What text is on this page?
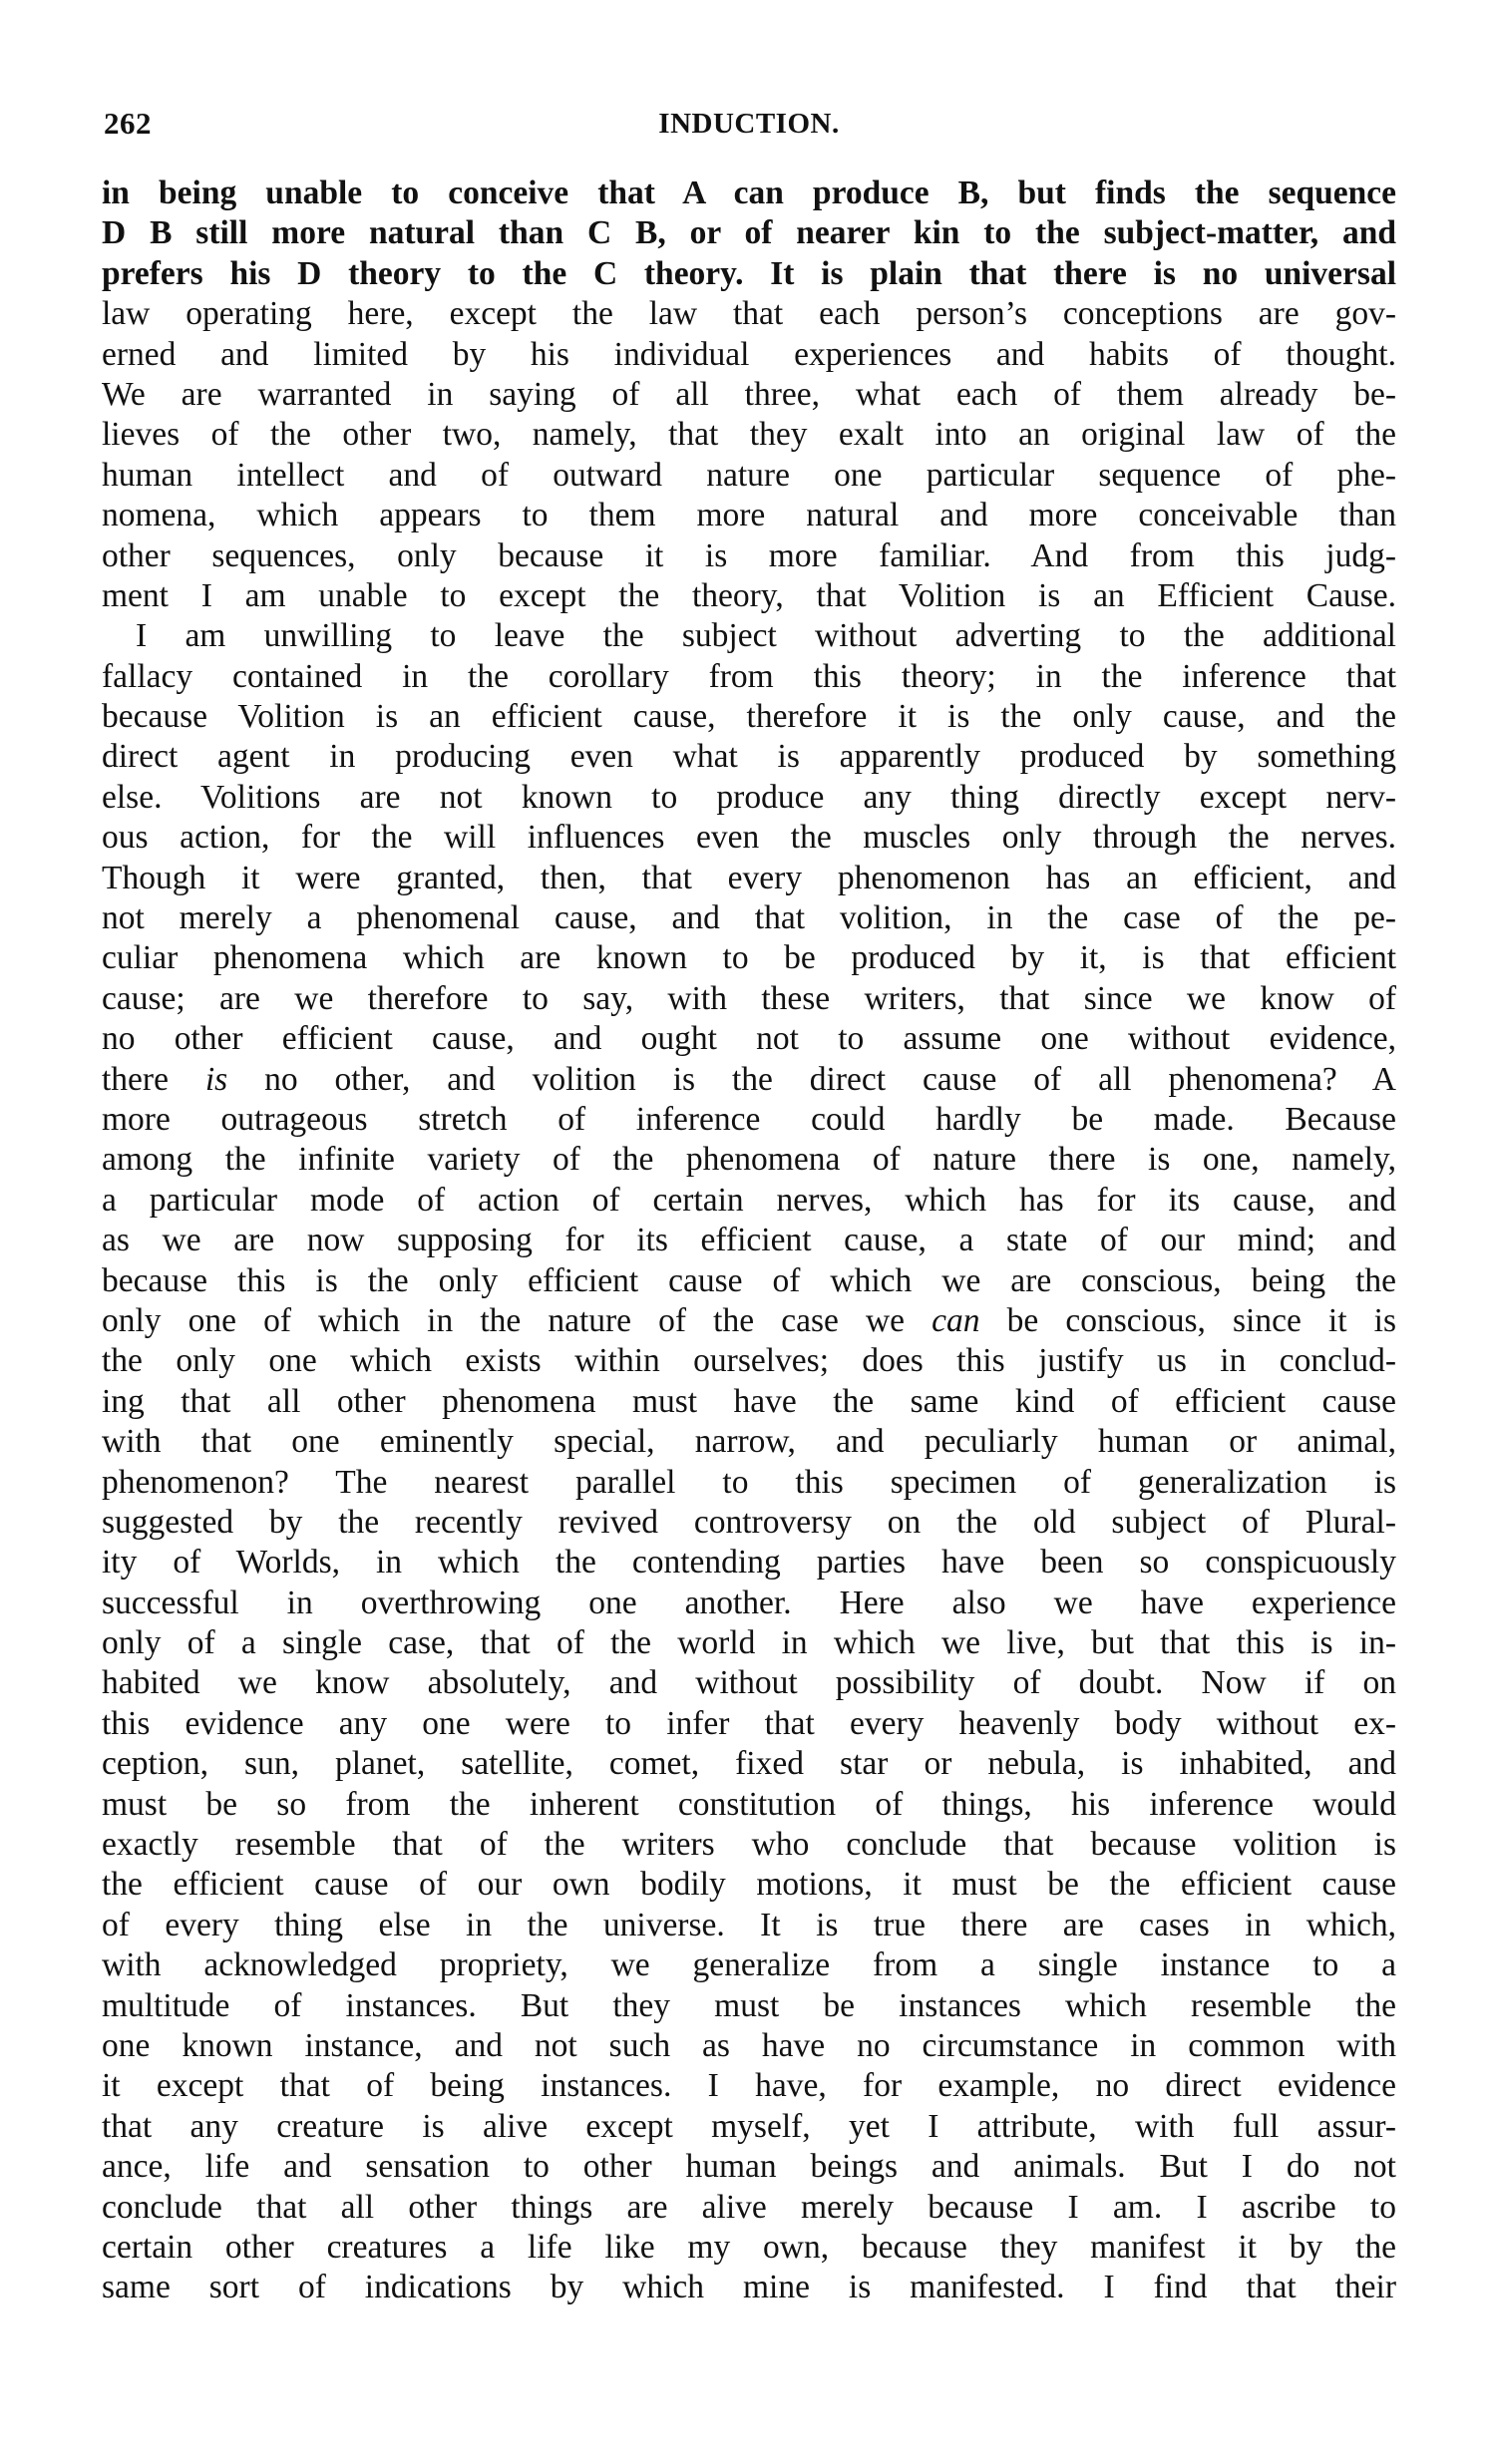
262	INDUCTION.
in being unable to conceive that A can produce B, but finds the sequence
D B still more natural than C B, or of nearer kin to the subject-matter, and
prefers his D theory to the C theory. It is plain that there is no universal
law operating here, except the law that each person’s conceptions are gov-
erned and limited by his individual experiences and habits of thought.
We are warranted in saying of all three, what each of them already be-
lieves of the other two, namely, that they exalt into an original law of the
human intellect and of outward nature one particular sequence of phe-
nomena, which appears to them more natural and more conceivable than
other sequences, only because it is more familiar. And from this judg-
ment I am unable to except the theory, that Volition is an Efficient Cause.
I am unwilling to leave the subject without adverting to the additional
fallacy contained in the corollary from this theory; in the inference that
because Volition is an efficient cause, therefore it is the only cause, and the
direct agent in producing even what is apparently produced by something
else. Volitions are not known to produce any thing directly except nerv-
ous action, for the will influences even the muscles only through the nerves.
Though it were granted, then, that every phenomenon has an efficient, and
not merely a phenomenal cause, and that volition, in the case of the pe-
culiar phenomena which are known to be produced by it, is that efficient
cause; are we therefore to say, with these writers, that since we know of
no other efficient cause, and ought not to assume one without evidence,
there is no other, and volition is the direct cause of all phenomena? A
more outrageous stretch of inference could hardly be made. Because
among the infinite variety of the phenomena of nature there is one, namely,
a particular mode of action of certain nerves, which has for its cause, and
as we are now supposing for its efficient cause, a state of our mind; and
because this is the only efficient cause of which we are conscious, being the
only one of which in the nature of the case we can be conscious, since it is
the only one which exists within ourselves; does this justify us in conclud-
ing that all other phenomena must have the same kind of efficient cause
with that one eminently special, narrow, and peculiarly human or animal,
phenomenon? The nearest parallel to this specimen of generalization is
suggested by the recently revived controversy on the old subject of Plural-
ity of Worlds, in which the contending parties have been so conspicuously
successful in overthrowing one another. Here also we have experience
only of a single case, that of the world in which we live, but that this is in-
habited we know absolutely, and without possibility of doubt. Now if on
this evidence any one were to infer that every heavenly body without ex-
ception, sun, planet, satellite, comet, fixed star or nebula, is inhabited, and
must be so from the inherent constitution of things, his inference would
exactly resemble that of the writers who conclude that because volition is
the efficient cause of our own bodily motions, it must be the efficient cause
of every thing else in the universe. It is true there are cases in which,
with acknowledged propriety, we generalize from a single instance to a
multitude of instances. But they must be instances which resemble the
one known instance, and not such as have no circumstance in common with
it except that of being instances. I have, for example, no direct evidence
that any creature is alive except myself, yet I attribute, with full assur-
ance, life and sensation to other human beings and animals. But I do not
conclude that all other things are alive merely because I am. I ascribe to
certain other creatures a life like my own, because they manifest it by the
same sort of indications by which mine is manifested. I find that their
